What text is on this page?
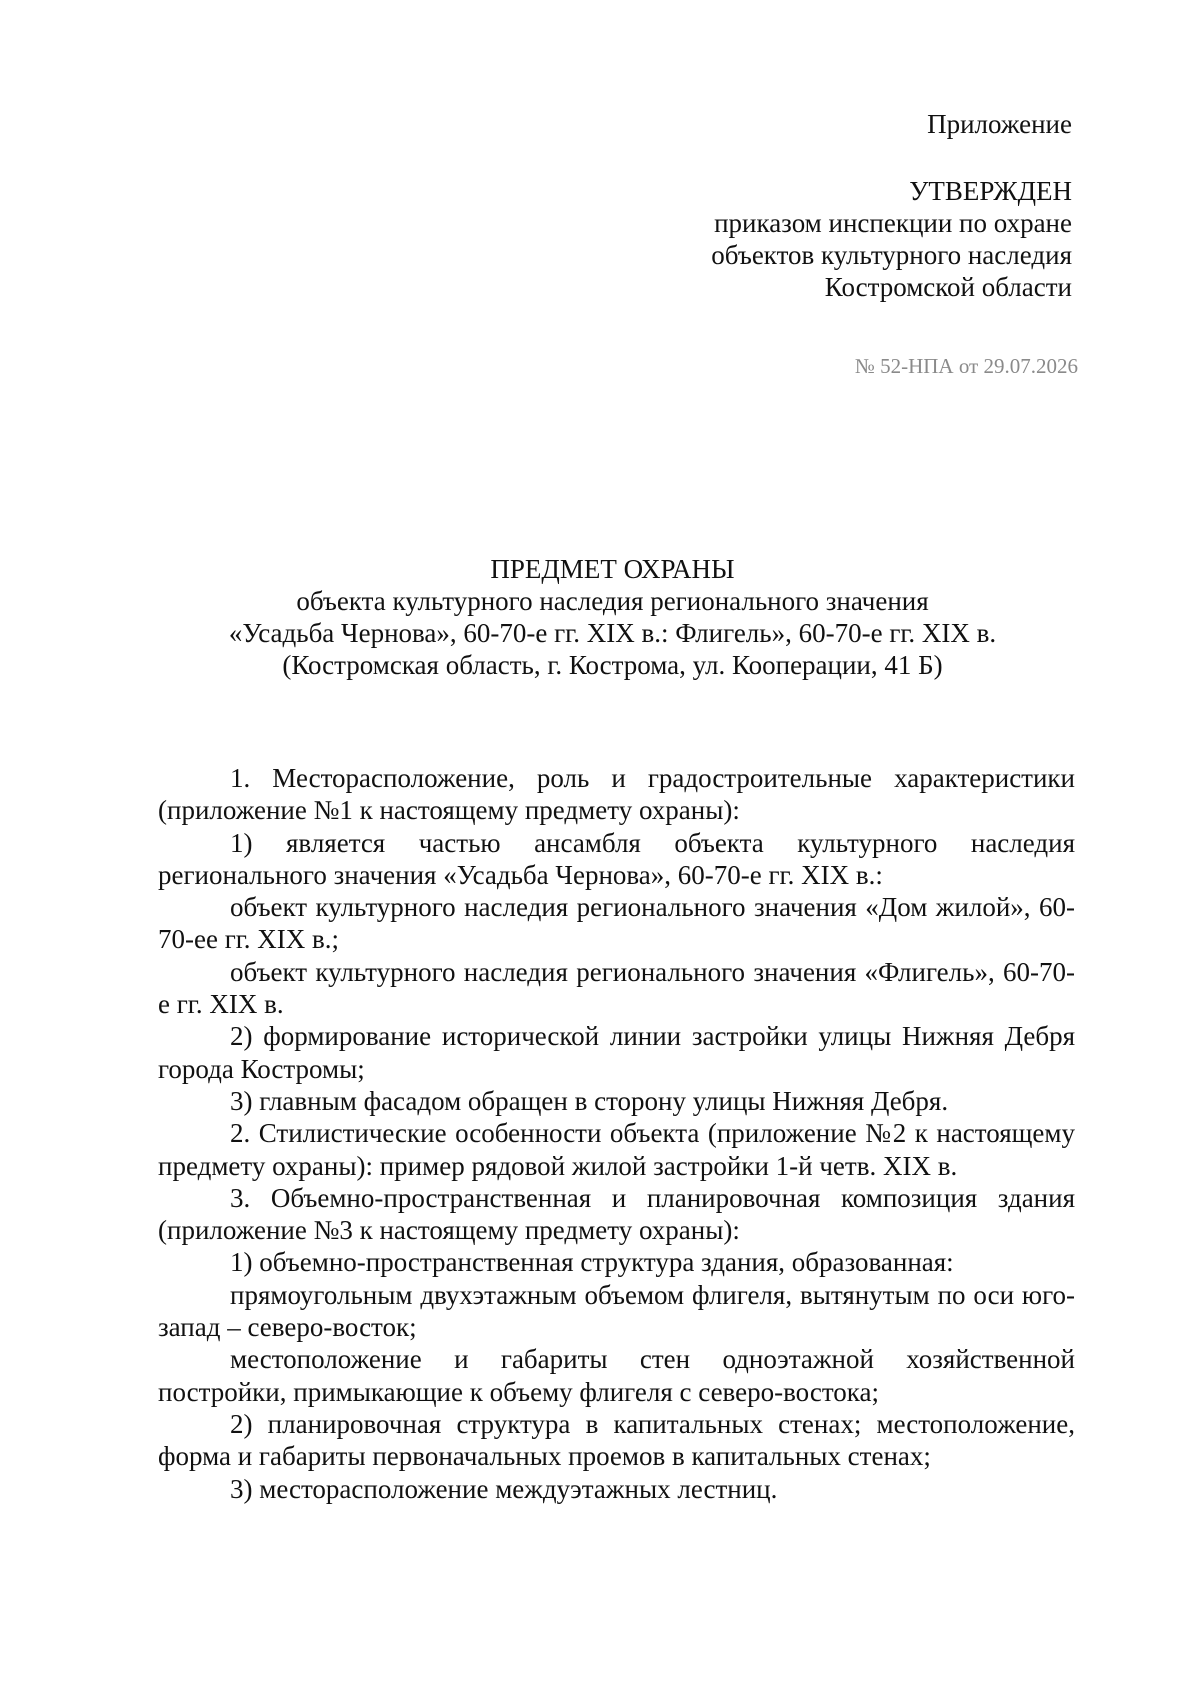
Приложение
УТВЕРЖДЕН
приказом инспекции по охране
объектов культурного наследия
Костромской области
№ 52-НПА от 29.07.2026
ПРЕДМЕТ ОХРАНЫ
объекта культурного наследия регионального значения
«Усадьба Чернова», 60-70-е гг. XIX в.: Флигель», 60-70-е гг. XIX в.
(Костромская область, г. Кострома, ул. Кооперации, 41 Б)

1. Месторасположение, роль и градостроительные характеристики (приложение №1 к настоящему предмету охраны):

1) является частью ансамбля объекта культурного наследия регионального значения «Усадьба Чернова», 60-70-е гг. XIX в.:

объект культурного наследия регионального значения «Дом жилой», 60-70-ее гг. XIX в.;

объект культурного наследия регионального значения «Флигель», 60-70-е гг. XIX в.

2) формирование исторической линии застройки улицы Нижняя Дебря города Костромы;

3) главным фасадом обращен в сторону улицы Нижняя Дебря.

2. Стилистические особенности объекта (приложение №2 к настоящему предмету охраны): пример рядовой жилой застройки 1-й четв. XIX в.

3. Объемно-пространственная и планировочная композиция здания (приложение №3 к настоящему предмету охраны):

1) объемно-пространственная структура здания, образованная:

прямоугольным двухэтажным объемом флигеля, вытянутым по оси юго-запад – северо-восток;

местоположение и габариты стен одноэтажной хозяйственной постройки, примыкающие к объему флигеля с северо-востока;

2) планировочная структура в капитальных стенах; местоположение, форма и габариты первоначальных проемов в капитальных стенах;

3) месторасположение междуэтажных лестниц.
